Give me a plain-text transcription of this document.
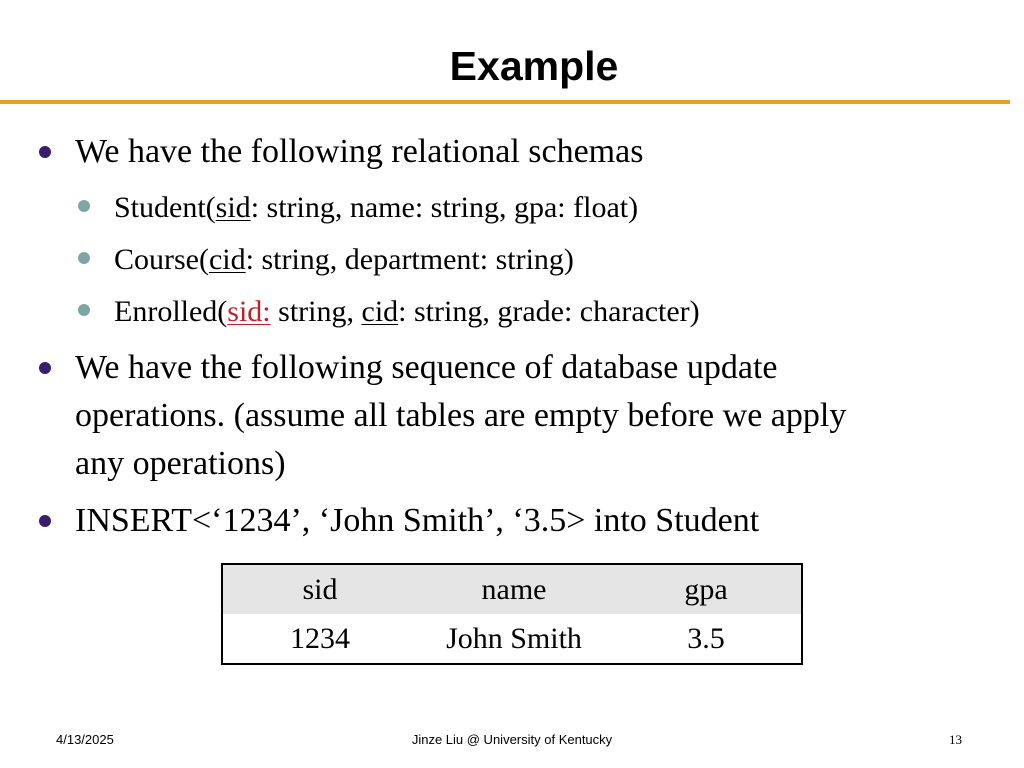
Example
We have the following relational schemas
Student(sid: string, name: string, gpa: float)
Course(cid: string, department: string)
Enrolled(sid: string, cid: string, grade: character)
We have the following sequence of database update
operations. (assume all tables are empty before we apply
any operations)
INSERT<‘1234’, ‘John Smith’, ‘3.5> into Student
sid	name	gpa
1234	John Smith	3.5
4/13/2025	Jinze Liu @ University of Kentucky	13
